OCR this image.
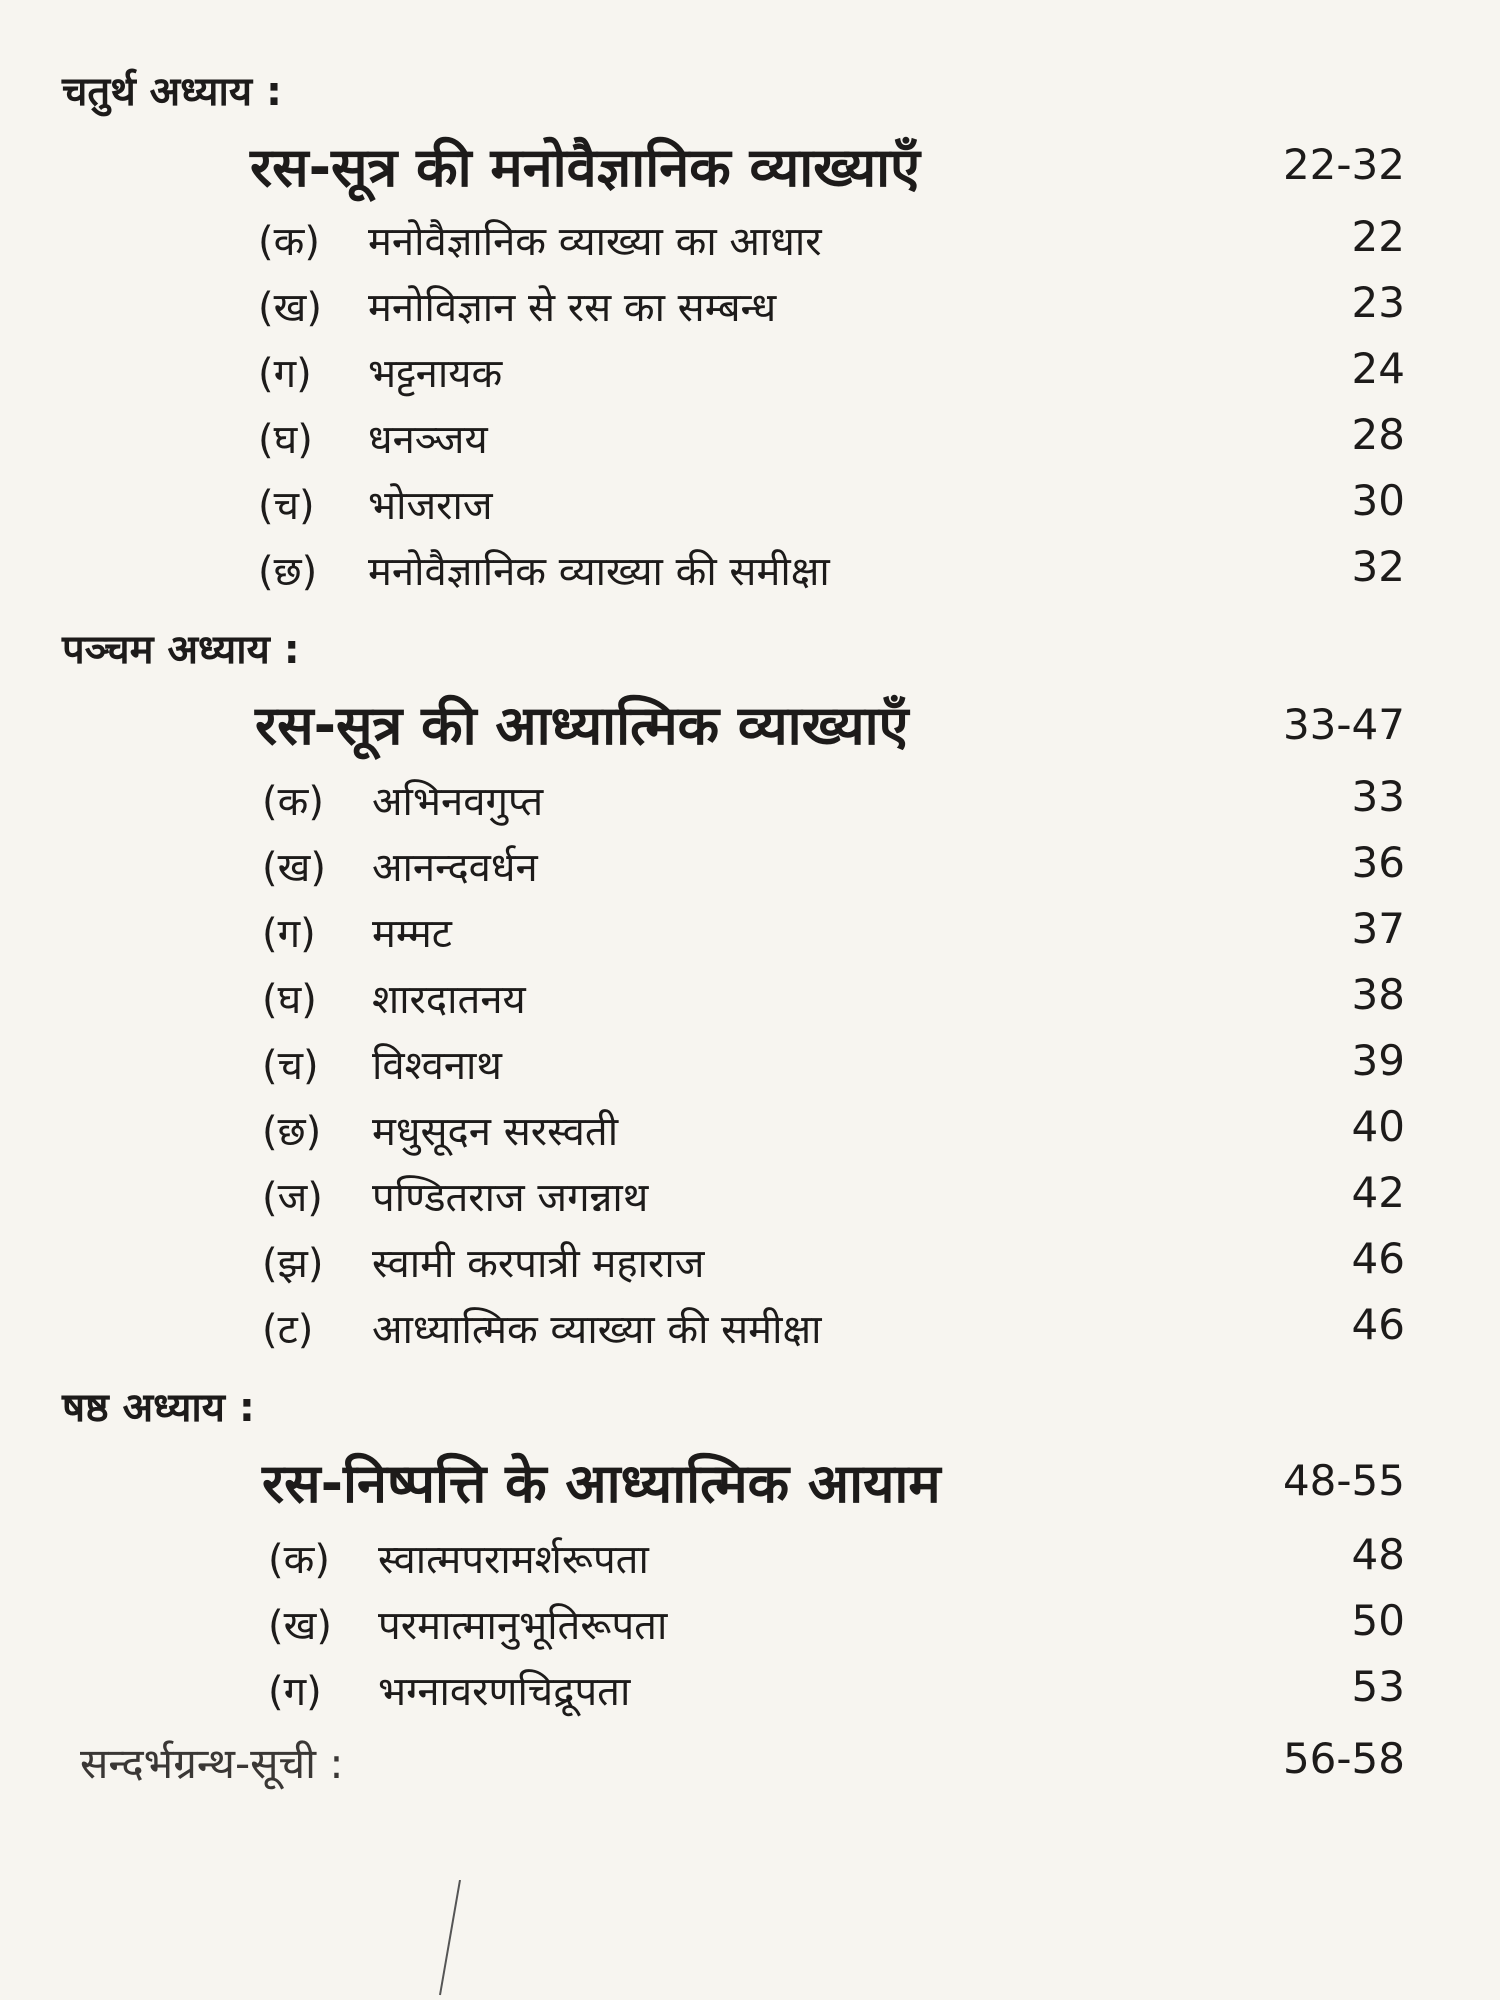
चतुर्थ अध्याय :
रस-सूत्र की मनोवैज्ञानिक व्याख्याएँ	22-32
(क) मनोवैज्ञानिक व्याख्या का आधार	22
(ख) मनोविज्ञान से रस का सम्बन्ध	23
(ग) भट्टनायक	24
(घ) धनञ्जय	28
(च) भोजराज	30
(छ) मनोवैज्ञानिक व्याख्या की समीक्षा	32
पञ्चम अध्याय :
रस-सूत्र की आध्यात्मिक व्याख्याएँ	33-47
(क) अभिनवगुप्त	33
(ख) आनन्दवर्धन	36
(ग) मम्मट	37
(घ) शारदातनय	38
(च) विश्वनाथ	39
(छ) मधुसूदन सरस्वती	40
(ज) पण्डितराज जगन्नाथ	42
(झ) स्वामी करपात्री महाराज	46
(ट) आध्यात्मिक व्याख्या की समीक्षा	46
षष्ठ अध्याय :
रस-निष्पत्ति के आध्यात्मिक आयाम	48-55
(क) स्वात्मपरामर्शरूपता	48
(ख) परमात्मानुभूतिरूपता	50
(ग) भग्नावरणचिद्रूपता	53
सन्दर्भग्रन्थ-सूची :	56-58
